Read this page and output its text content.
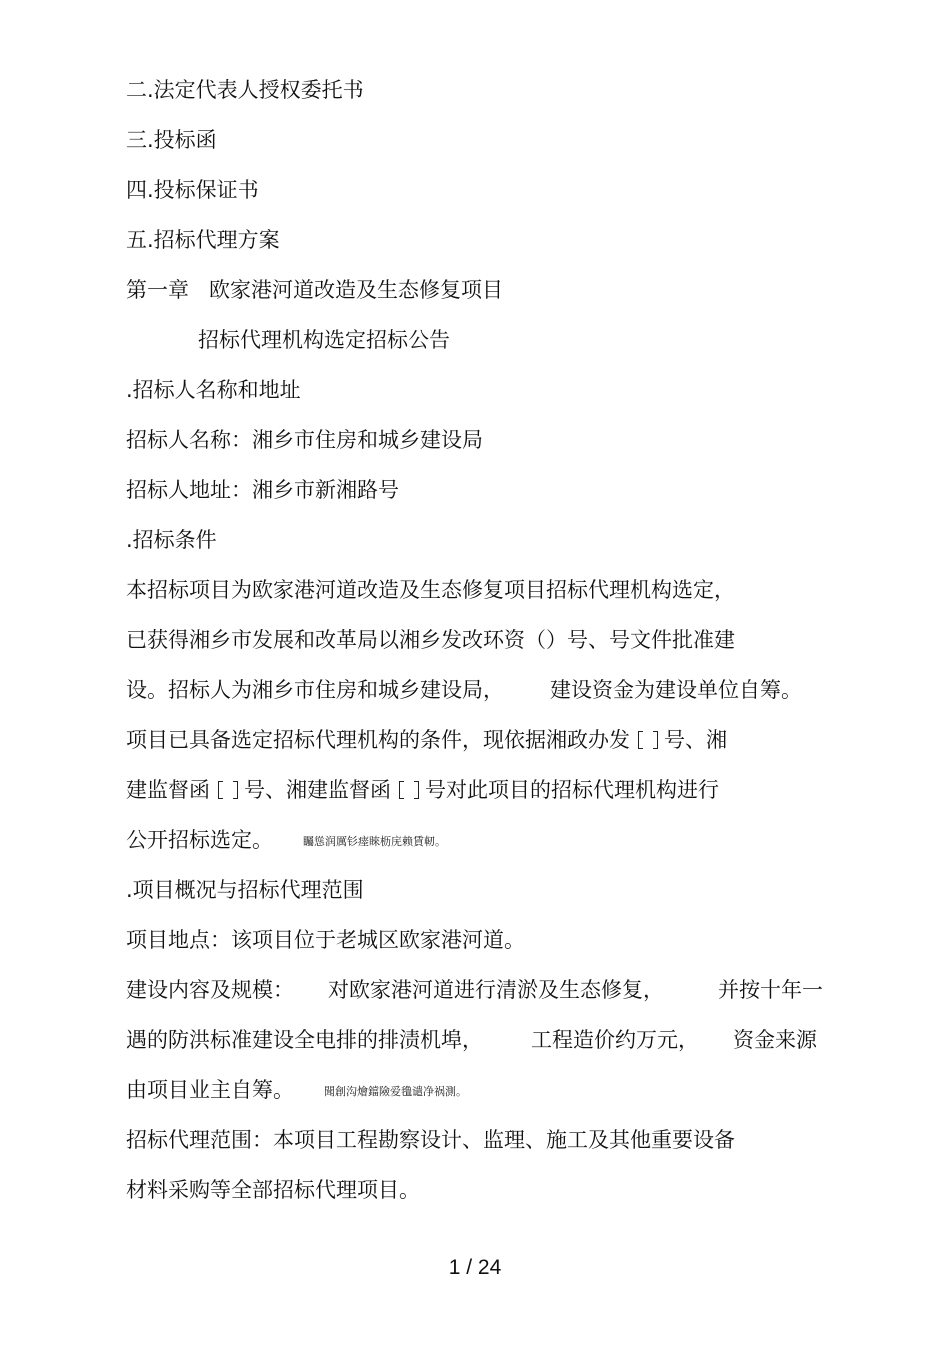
二.法定代表人授权委托书

三.投标函

四.投标保证书

五.招标代理方案

第一章   欧家港河道改造及生态修复项目

招标代理机构选定招标公告

.招标人名称和地址

招标人名称：湘乡市住房和城乡建设局

招标人地址：湘乡市新湘路号

.招标条件

本招标项目为欧家港河道改造及生态修复项目招标代理机构选定，

已获得湘乡市发展和改革局以湘乡发改环资（）号、号文件批准建

设。招标人为湘乡市住房和城乡建设局， 建设资金为建设单位自筹。

项目已具备选定招标代理机构的条件，现依据湘政办发 号、湘

建监督函 号、湘建监督函 号对此项目的招标代理机构进行

公开招标选定。	矚慫润厲钐瘗睞枥庑赖賃軔。

.项目概况与招标代理范围

项目地点：该项目位于老城区欧家港河道。

建设内容及规模： 对欧家港河道进行清淤及生态修复，	并按十年一

遇的防洪标准建设全电排的排渍机埠， 工程造价约万元， 资金来源

由项目业主自筹。	聞創沟燴鐺險爱氇谴净祸測。

招标代理范围：本项目工程勘察设计、监理、施工及其他重要设备

材料采购等全部招标代理项目。

1 / 24
